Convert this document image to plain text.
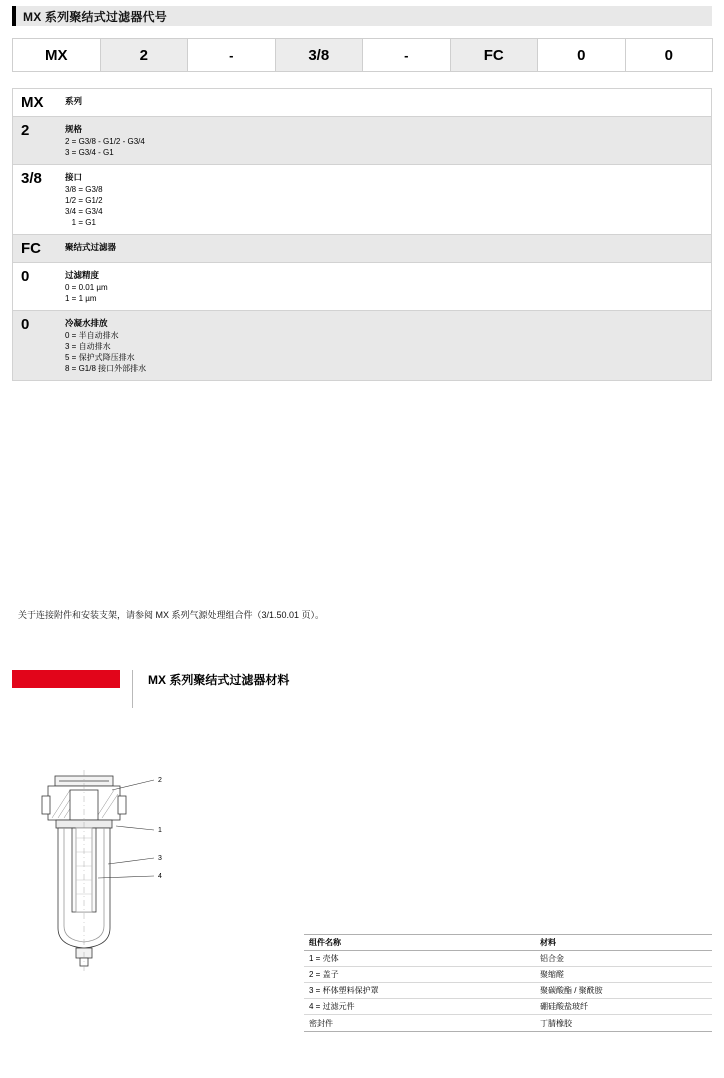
MX 系列聚结式过滤器代号
MX	2	-	3/8	-	FC	0	0
MX	系列
2	规格
2 = G3/8 - G1/2 - G3/4
3 = G3/4 - G1
3/8	接口
3/8 = G3/8
1/2 = G1/2
3/4 = G3/4
1 = G1
FC	聚结式过滤器
0	过滤精度
0 = 0.01 µm
1 = 1 µm
0	冷凝水排放
0 = 半自动排水
3 = 自动排水
5 = 保护式降压排水
8 = G1/8 接口外部排水
关于连接附件和安装支架，请参阅 MX 系列气源处理组合件（3/1.50.01 页）。
MX 系列聚结式过滤器材料
2
1
3
4
组件名称	材料
1 = 壳体	铝合金
2 = 盖子	聚缩醛
3 = 杯体塑料保护罩	聚碳酸酯 / 聚酰胺
4 = 过滤元件	硼硅酸盐玻纤
密封件	丁腈橡胶
